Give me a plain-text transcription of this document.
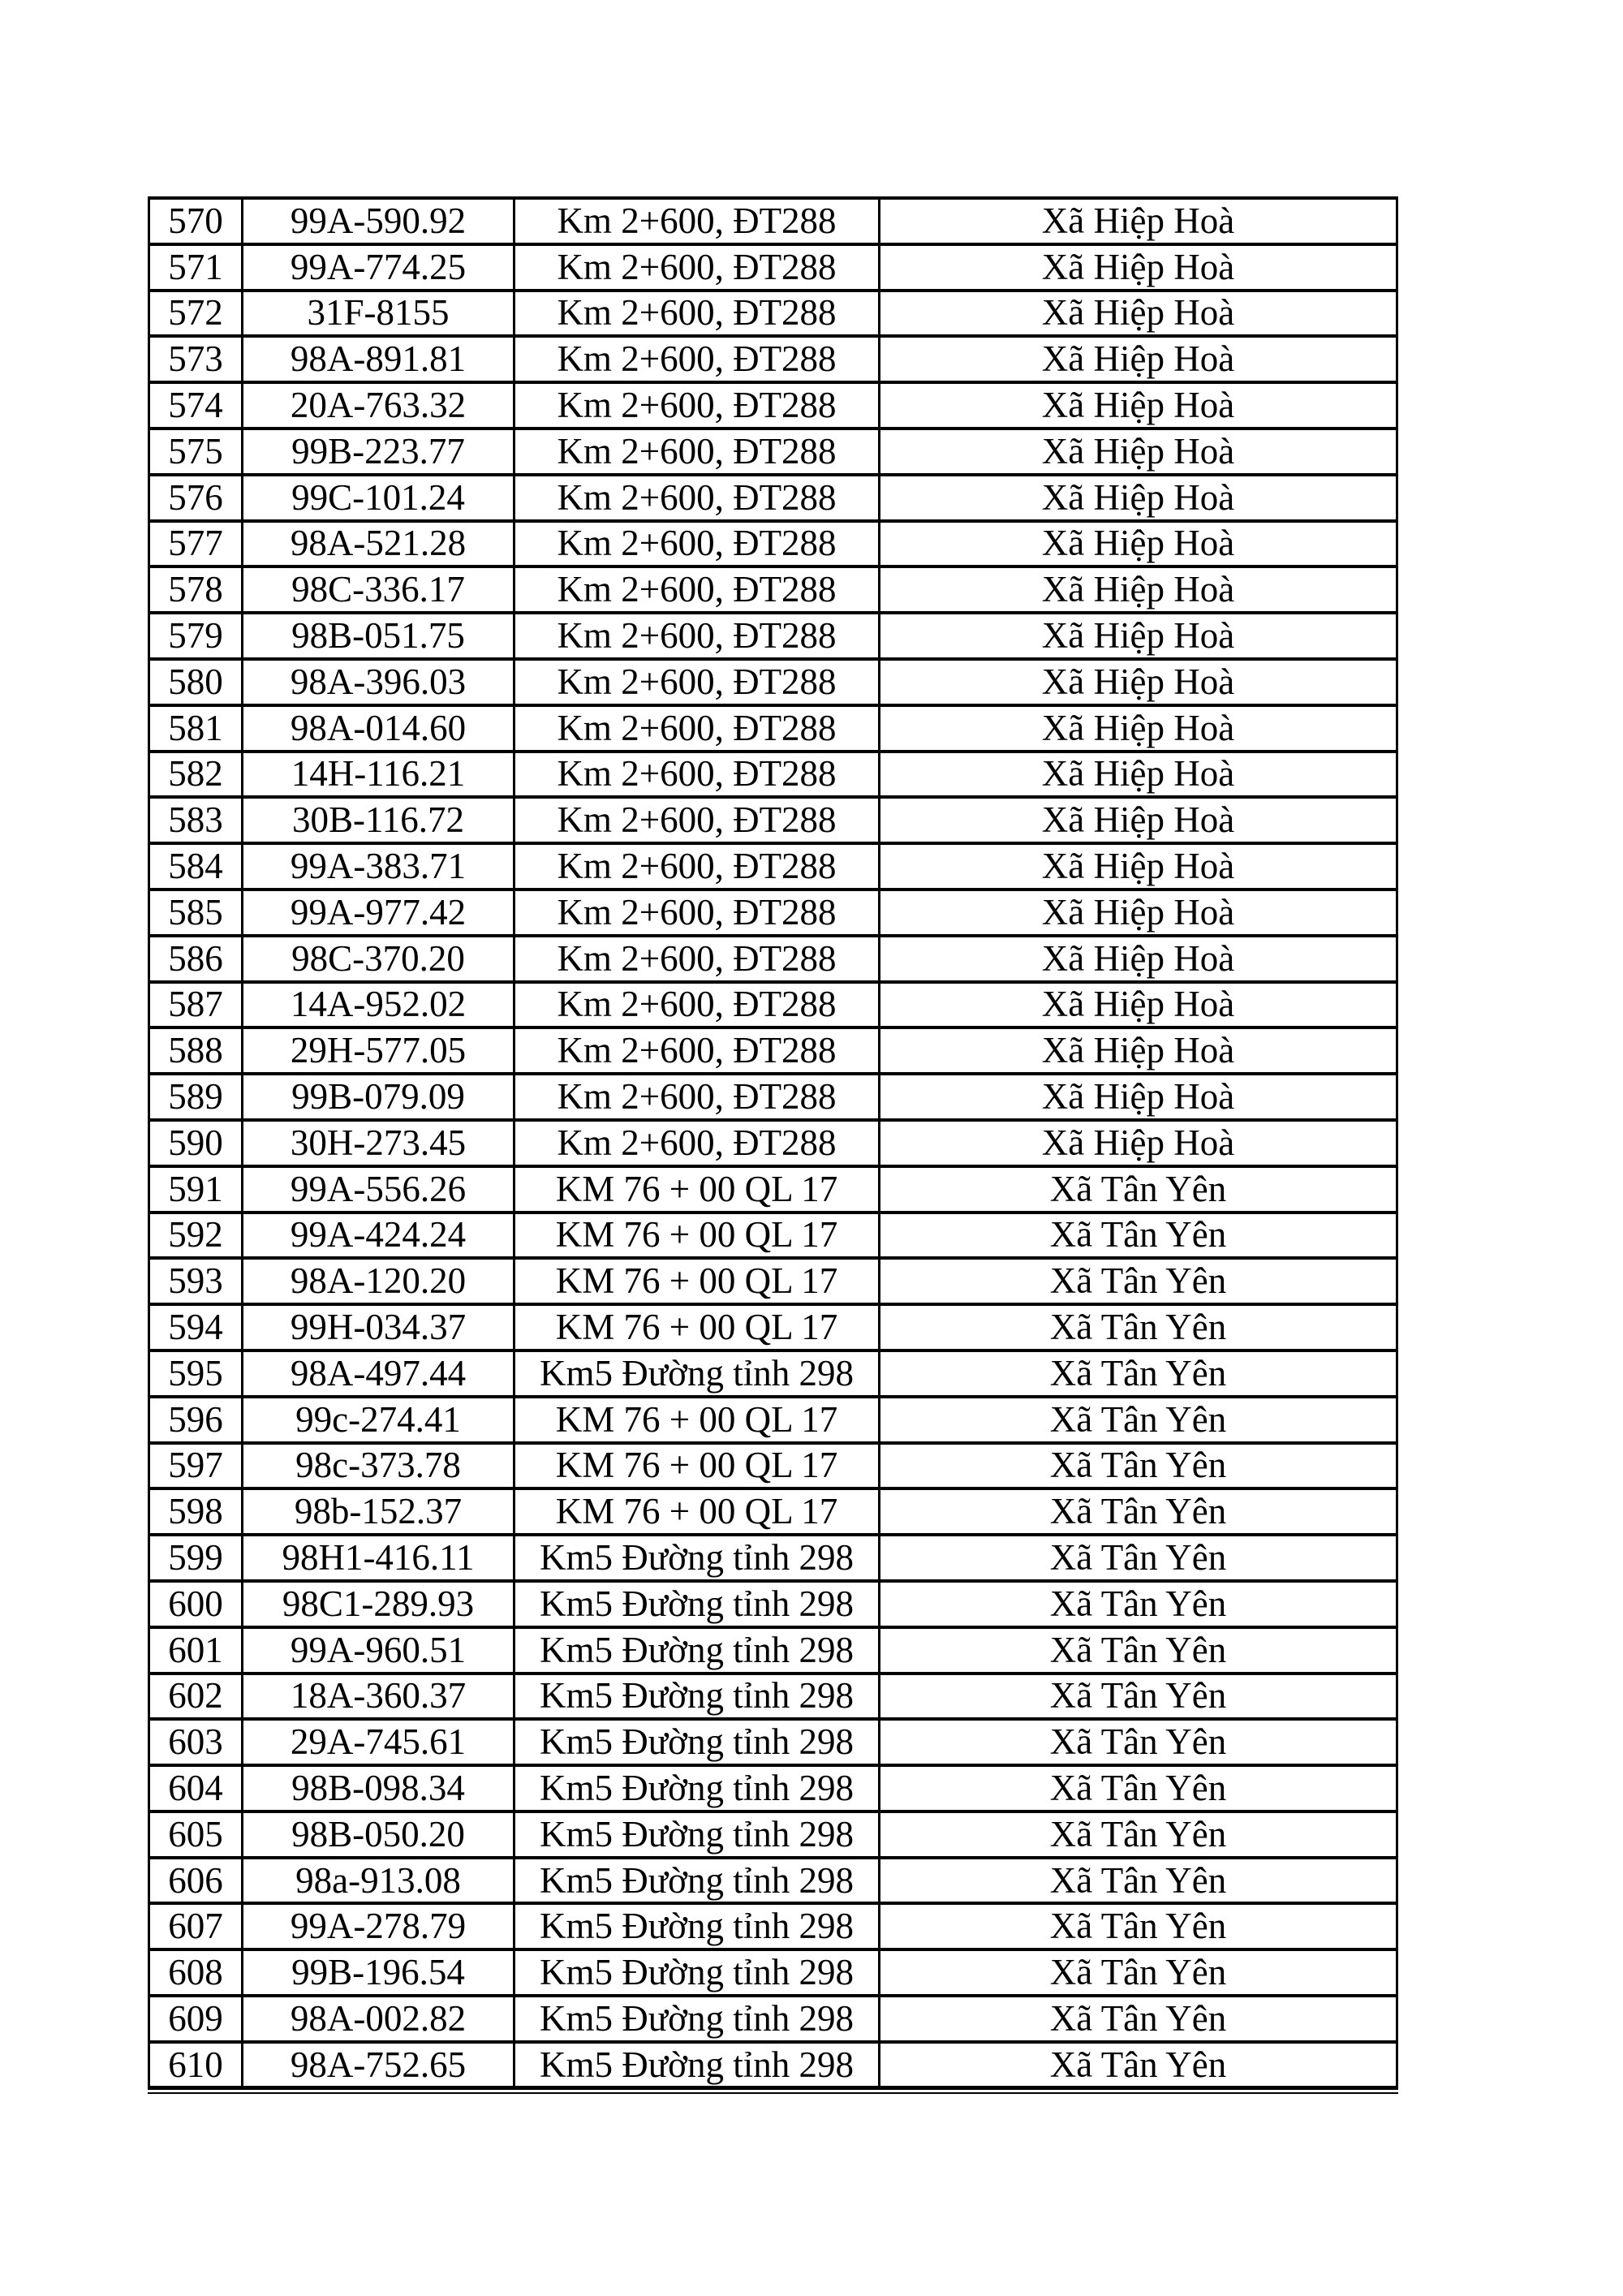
570	99A-590.92	Km 2+600, ĐT288	Xã Hiệp Hoà
571	99A-774.25	Km 2+600, ĐT288	Xã Hiệp Hoà
572	31F-8155	Km 2+600, ĐT288	Xã Hiệp Hoà
573	98A-891.81	Km 2+600, ĐT288	Xã Hiệp Hoà
574	20A-763.32	Km 2+600, ĐT288	Xã Hiệp Hoà
575	99B-223.77	Km 2+600, ĐT288	Xã Hiệp Hoà
576	99C-101.24	Km 2+600, ĐT288	Xã Hiệp Hoà
577	98A-521.28	Km 2+600, ĐT288	Xã Hiệp Hoà
578	98C-336.17	Km 2+600, ĐT288	Xã Hiệp Hoà
579	98B-051.75	Km 2+600, ĐT288	Xã Hiệp Hoà
580	98A-396.03	Km 2+600, ĐT288	Xã Hiệp Hoà
581	98A-014.60	Km 2+600, ĐT288	Xã Hiệp Hoà
582	14H-116.21	Km 2+600, ĐT288	Xã Hiệp Hoà
583	30B-116.72	Km 2+600, ĐT288	Xã Hiệp Hoà
584	99A-383.71	Km 2+600, ĐT288	Xã Hiệp Hoà
585	99A-977.42	Km 2+600, ĐT288	Xã Hiệp Hoà
586	98C-370.20	Km 2+600, ĐT288	Xã Hiệp Hoà
587	14A-952.02	Km 2+600, ĐT288	Xã Hiệp Hoà
588	29H-577.05	Km 2+600, ĐT288	Xã Hiệp Hoà
589	99B-079.09	Km 2+600, ĐT288	Xã Hiệp Hoà
590	30H-273.45	Km 2+600, ĐT288	Xã Hiệp Hoà
591	99A-556.26	KM 76 + 00 QL 17	Xã Tân Yên
592	99A-424.24	KM 76 + 00 QL 17	Xã Tân Yên
593	98A-120.20	KM 76 + 00 QL 17	Xã Tân Yên
594	99H-034.37	KM 76 + 00 QL 17	Xã Tân Yên
595	98A-497.44	Km5 Đường tỉnh 298	Xã Tân Yên
596	99c-274.41	KM 76 + 00 QL 17	Xã Tân Yên
597	98c-373.78	KM 76 + 00 QL 17	Xã Tân Yên
598	98b-152.37	KM 76 + 00 QL 17	Xã Tân Yên
599	98H1-416.11	Km5 Đường tỉnh 298	Xã Tân Yên
600	98C1-289.93	Km5 Đường tỉnh 298	Xã Tân Yên
601	99A-960.51	Km5 Đường tỉnh 298	Xã Tân Yên
602	18A-360.37	Km5 Đường tỉnh 298	Xã Tân Yên
603	29A-745.61	Km5 Đường tỉnh 298	Xã Tân Yên
604	98B-098.34	Km5 Đường tỉnh 298	Xã Tân Yên
605	98B-050.20	Km5 Đường tỉnh 298	Xã Tân Yên
606	98a-913.08	Km5 Đường tỉnh 298	Xã Tân Yên
607	99A-278.79	Km5 Đường tỉnh 298	Xã Tân Yên
608	99B-196.54	Km5 Đường tỉnh 298	Xã Tân Yên
609	98A-002.82	Km5 Đường tỉnh 298	Xã Tân Yên
610	98A-752.65	Km5 Đường tỉnh 298	Xã Tân Yên
